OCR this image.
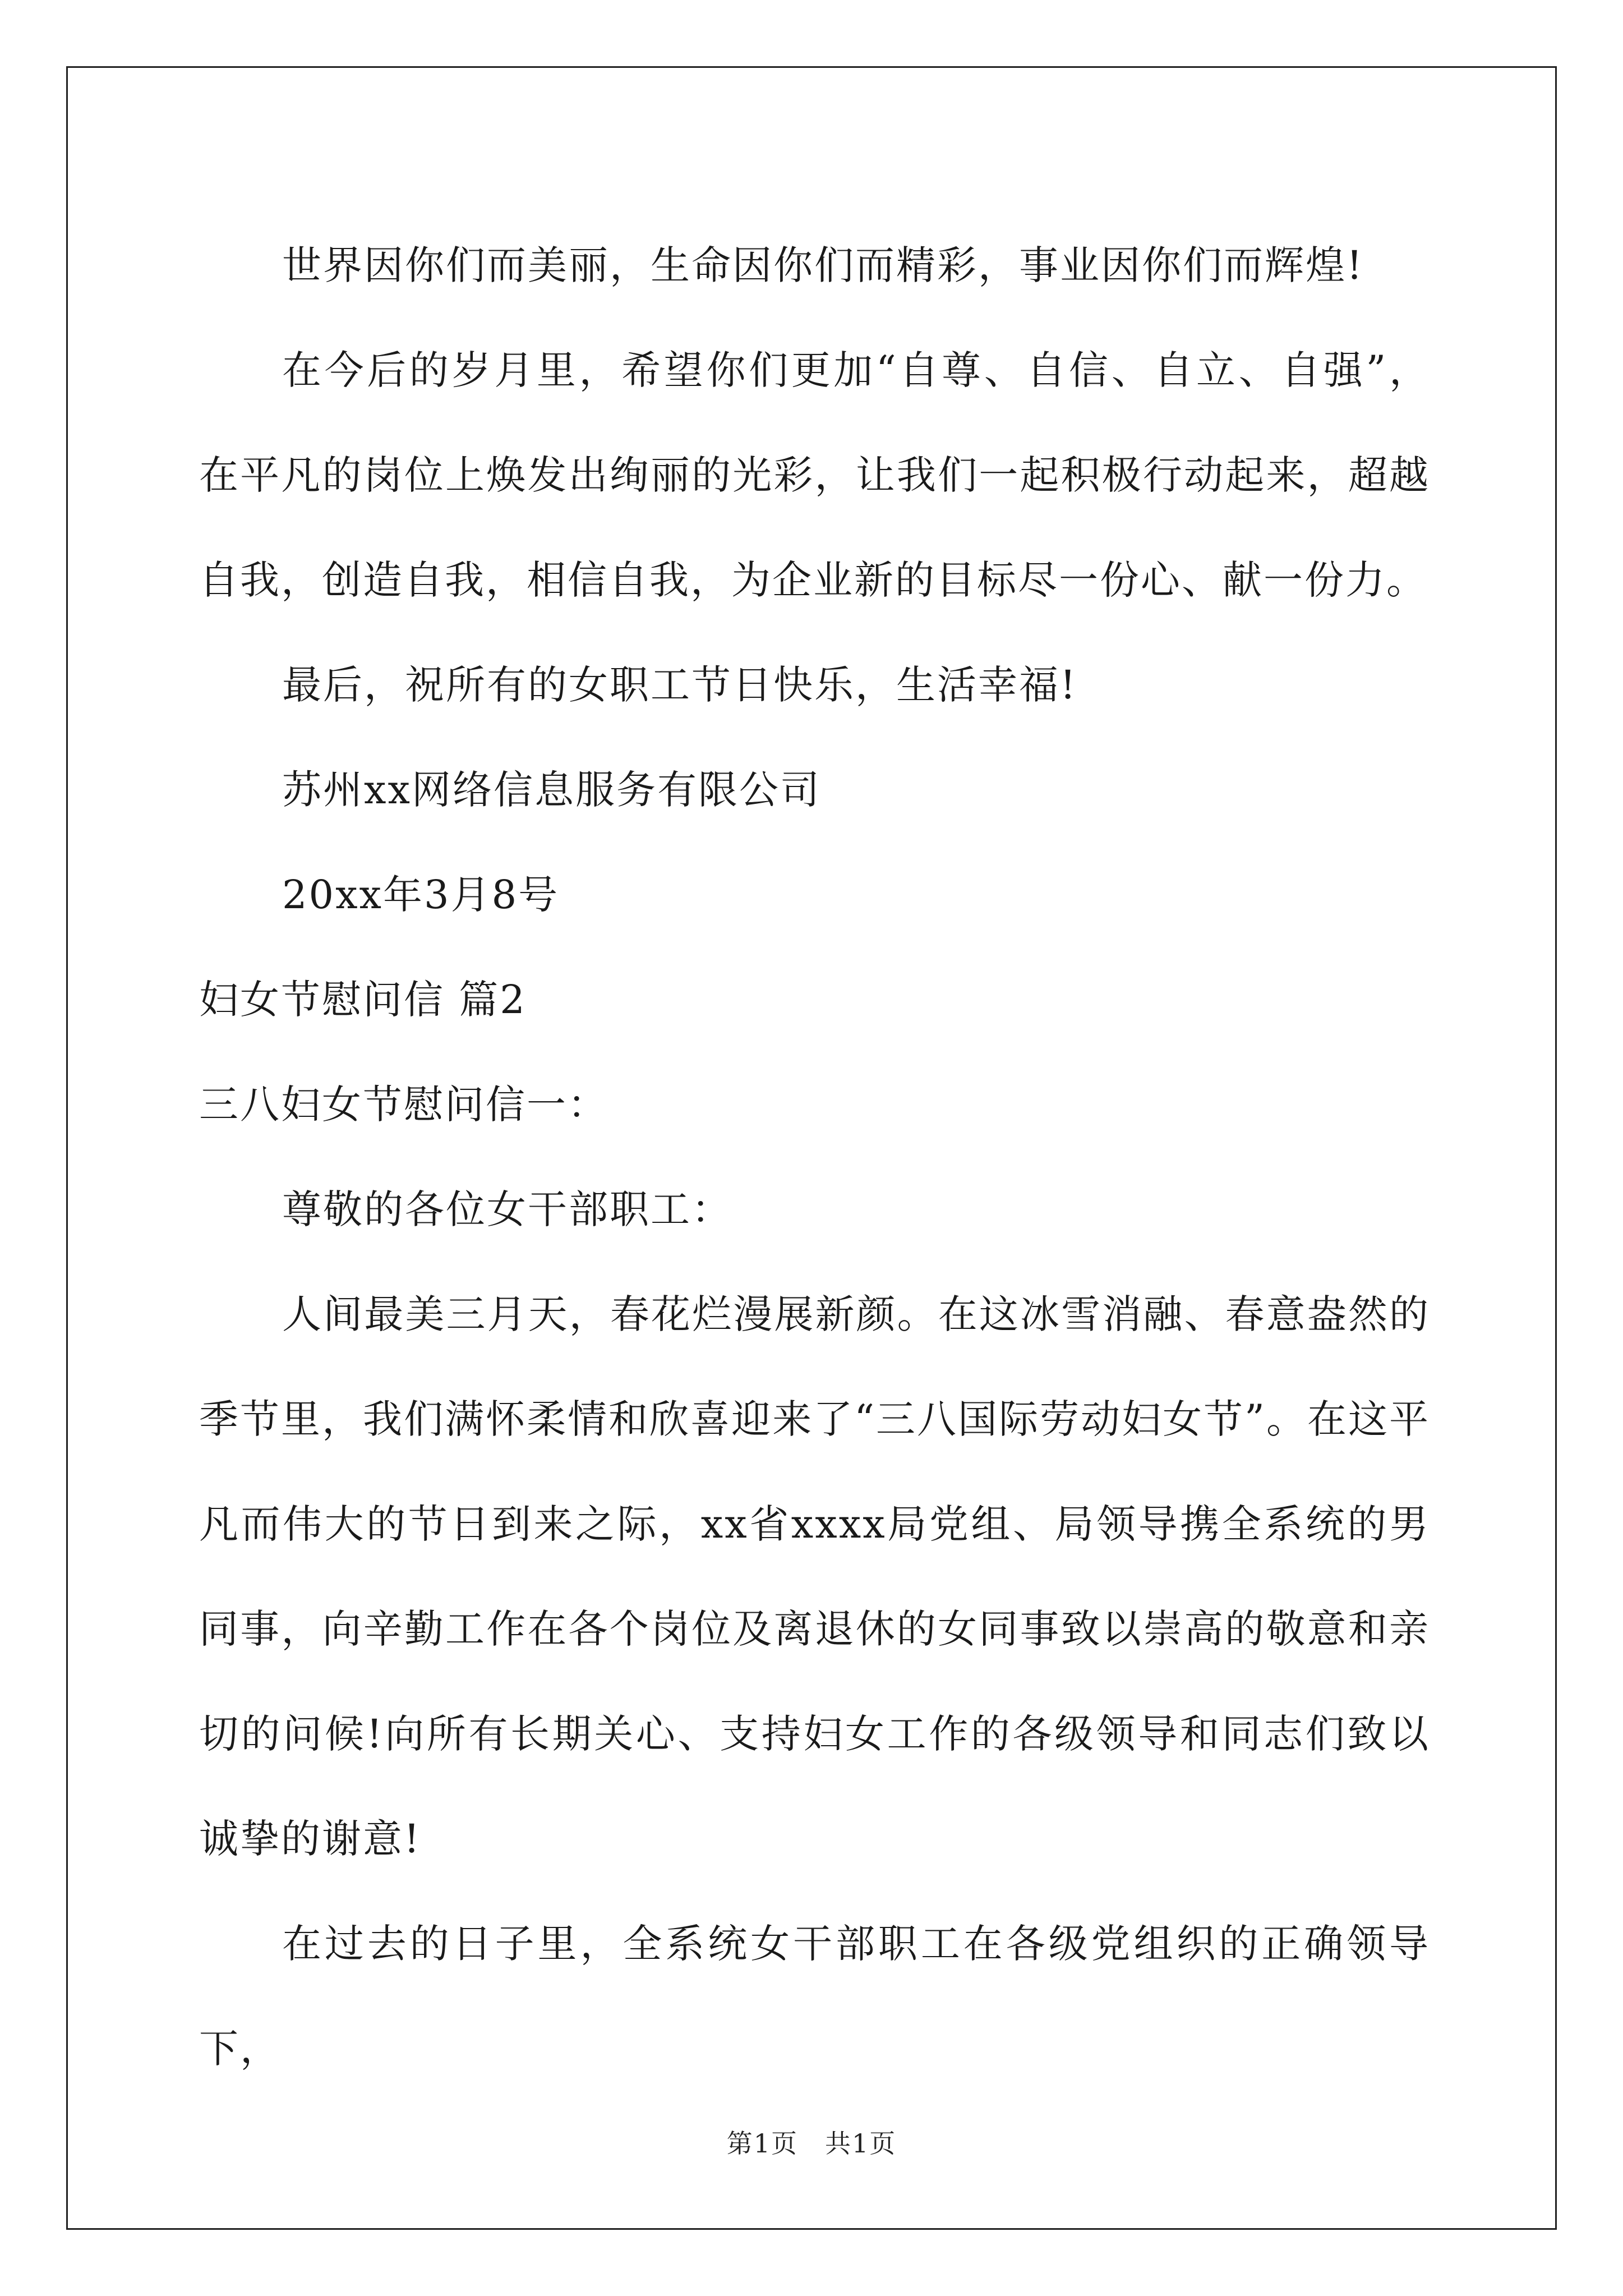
世界因你们而美丽，生命因你们而精彩，事业因你们而辉煌!

在今后的岁月里，希望你们更加“自尊、自信、自立、自强”，在平凡的岗位上焕发出绚丽的光彩，让我们一起积极行动起来，超越自我，创造自我，相信自我，为企业新的目标尽一份心、献一份力。

最后，祝所有的女职工节日快乐，生活幸福!

苏州xx网络信息服务有限公司

20xx年3月8号

妇女节慰问信 篇2

三八妇女节慰问信一：

尊敬的各位女干部职工：

人间最美三月天，春花烂漫展新颜。在这冰雪消融、春意盎然的季节里，我们满怀柔情和欣喜迎来了“三八国际劳动妇女节”。在这平凡而伟大的节日到来之际，xx省xxxx局党组、局领导携全系统的男同事，向辛勤工作在各个岗位及离退休的女同事致以崇高的敬意和亲切的问候!向所有长期关心、支持妇女工作的各级领导和同志们致以诚挚的谢意!

在过去的日子里，全系统女干部职工在各级党组织的正确领导下，

第1页　共1页
